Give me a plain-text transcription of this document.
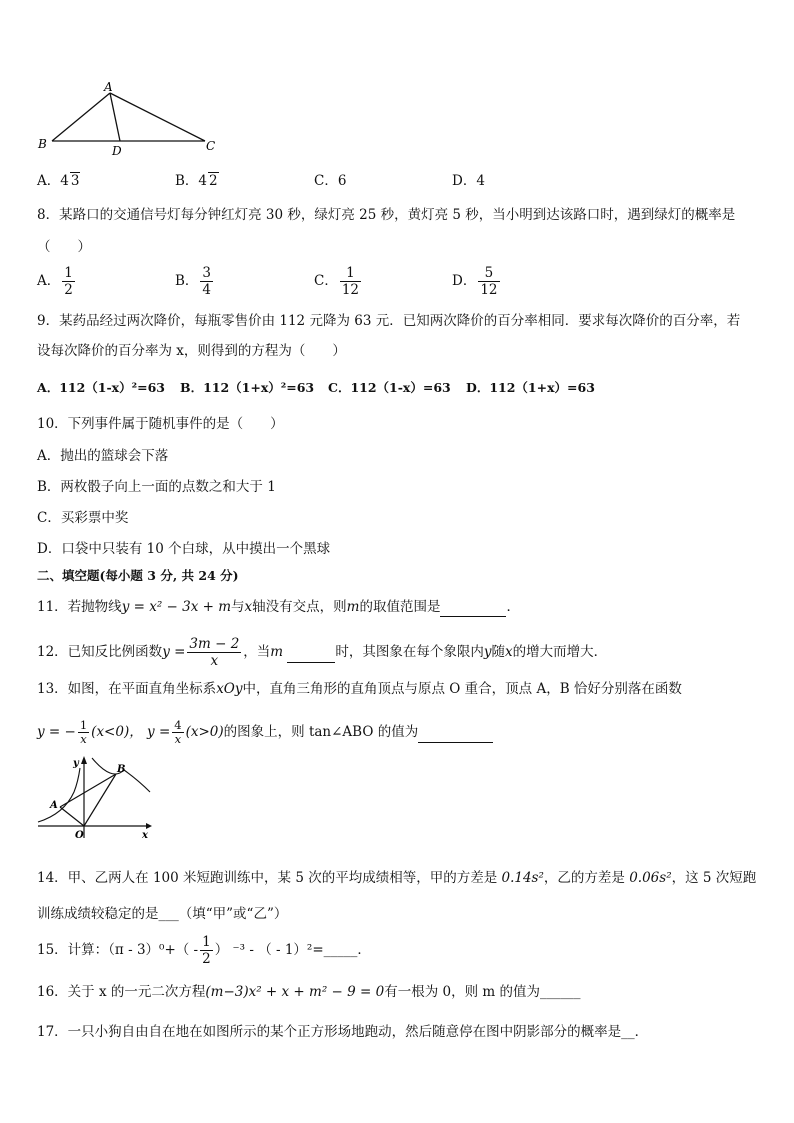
A
B	D	C
A．4 3	B．4 2	C．6	D．4
8．某路口的交通信号灯每分钟红灯亮 30 秒，绿灯亮 25 秒，黄灯亮 5 秒，当小明到达该路口时，遇到绿灯的概率是
（　　）
A． $\frac{1}{2}$	B． $\frac{3}{4}$	C． $\frac{1}{12}$	D． $\frac{5}{12}$
9．某药品经过两次降价，每瓶零售价由 112 元降为 63 元．已知两次降价的百分率相同．要求每次降价的百分率，若
设每次降价的百分率为 x，则得到的方程为（　　）
A．112（1-x）²=63 B．112（1+x）²=63 C．112（1-x）=63 D．112（1+x）=63
10．下列事件属于随机事件的是（　　）
A．抛出的篮球会下落
B．两枚骰子向上一面的点数之和大于 1
C．买彩票中奖
D．口袋中只装有 10 个白球，从中摸出一个黑球
二、填空题(每小题 3 分, 共 24 分)
11．若抛物线y = x² − 3x + m与x轴没有交点，则m的取值范围是	．
12．已知反比例函数$y = \frac{3m - 2}{x}$ ，当m	时，其图象在每个象限内y随x的增大而增大．
13．如图，在平面直角坐标系xOy中，直角三角形的直角顶点与原点 O 重合，顶点 A，B 恰好分别落在函数
y = − $\frac{1}{x} (x<0)$， $y = \frac{4}{x} (x>0)$的图象上，则 tan∠ABO 的值为
y
x
O
A
B
14．甲、乙两人在 100 米短跑训练中，某 5 次的平均成绩相等，甲的方差是 0.14s²，乙的方差是 0.06s²，这 5 次短跑
训练成绩较稳定的是___（填“甲”或“乙”）
15．计算：$(\pi - 3)^0+( - \frac{1}{2}$ ） ⁻³ - （ - 1）²=_____．
16．关于 x 的一元二次方程(m−3)x² + x + m² − 9 = 0有一根为 0，则 m 的值为______
17．一只小狗自由自在地在如图所示的某个正方形场地跑动，然后随意停在图中阴影部分的概率是__．
